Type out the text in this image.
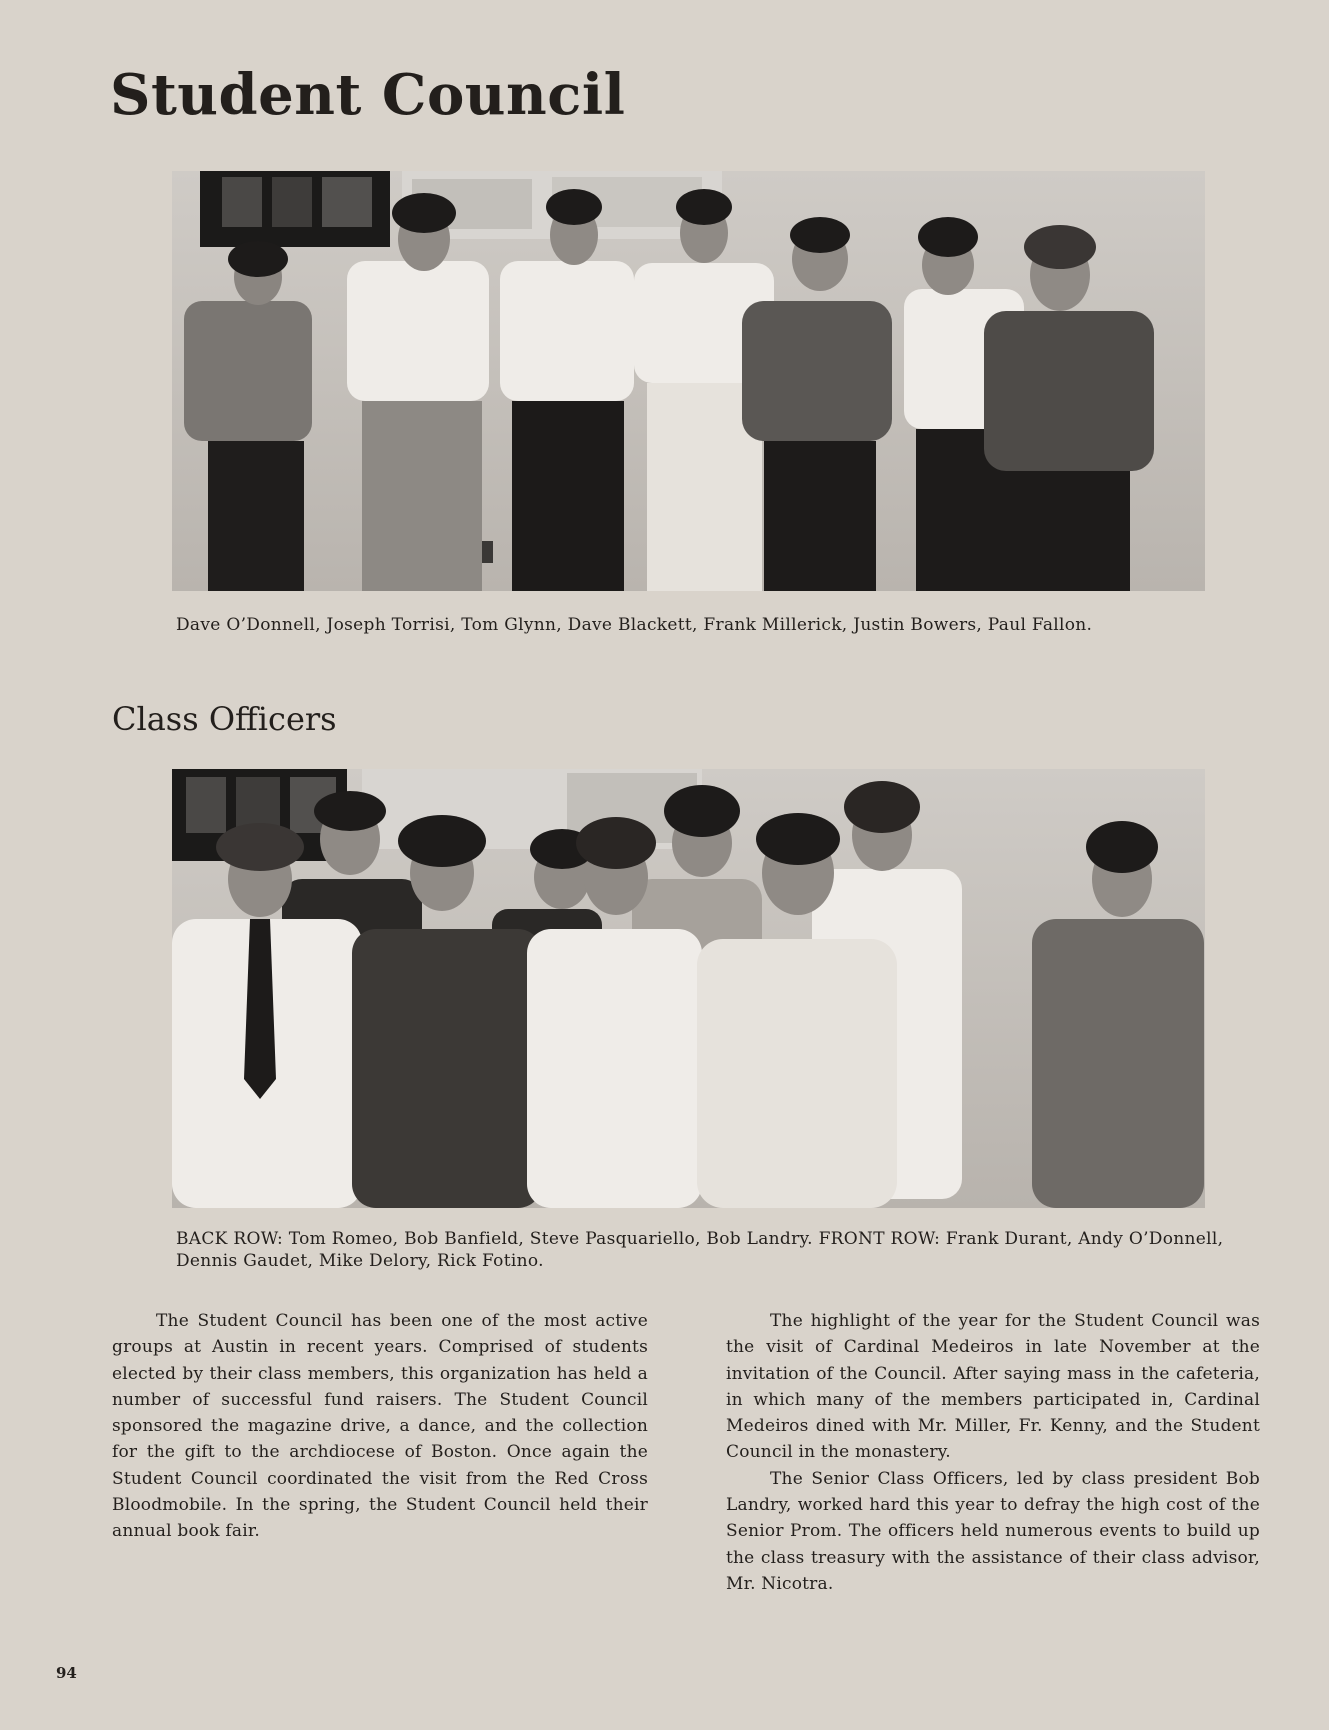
Student Council

Dave O’Donnell, Joseph Torrisi, Tom Glynn, Dave Blackett, Frank Millerick, Justin Bowers, Paul Fallon.

Class Officers

BACK ROW: Tom Romeo, Bob Banfield, Steve Pasquariello, Bob Landry. FRONT ROW: Frank Durant, Andy O’Donnell, Dennis Gaudet, Mike Delory, Rick Fotino.

The Student Council has been one of the most active groups at Austin in recent years. Comprised of students elected by their class members, this organization has held a number of successful fund raisers. The Student Council sponsored the magazine drive, a dance, and the collection for the gift to the archdiocese of Boston. Once again the Student Council coordinated the visit from the Red Cross Bloodmobile. In the spring, the Student Council held their annual book fair.

The highlight of the year for the Student Council was the visit of Cardinal Medeiros in late November at the invitation of the Council. After saying mass in the cafeteria, in which many of the members participated in, Cardinal Medeiros dined with Mr. Miller, Fr. Kenny, and the Student Council in the monastery.

The Senior Class Officers, led by class president Bob Landry, worked hard this year to defray the high cost of the Senior Prom. The officers held numerous events to build up the class treasury with the assistance of their class advisor, Mr. Nicotra.

94
